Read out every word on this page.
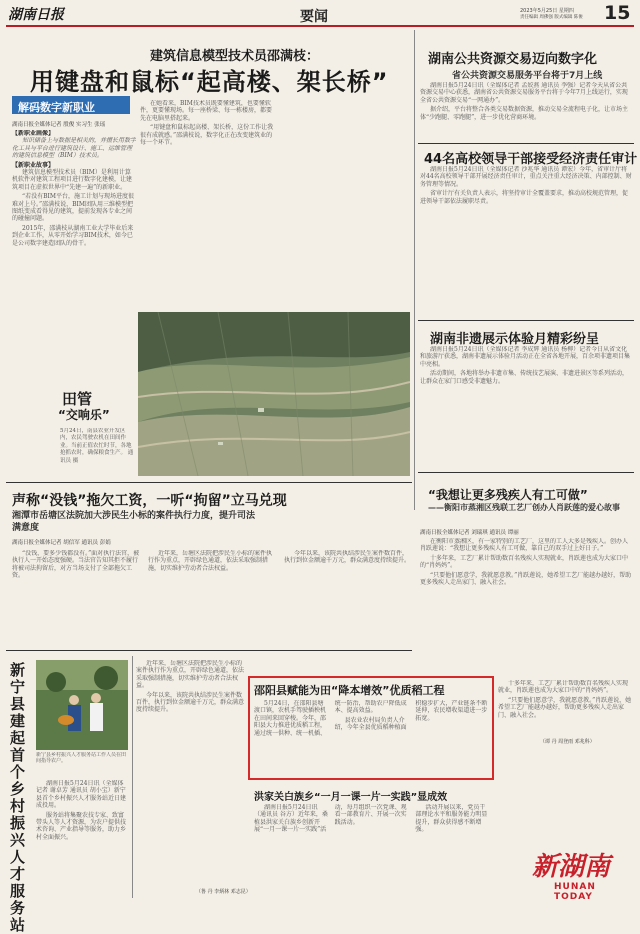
湖南日报	要闻	2023年5月25日 星期四
责任编辑 周佛强 版式编辑 陈俊 15
建筑信息模型技术员邵满枝：
用键盘和鼠标“起高楼、架长桥”
解码数字新职业
湖南日报全媒体记者 殷俊 实习生 张瑶
【新职业画像】

知识储备上与数据是相关的，并擅长用数字化工具与平台进行建筑设计、施工、运维管理的建筑信息模型（BIM）技术员。

【新职业故事】

建筑信息模型技术员（BIM）是利用计算机软件对建筑工程项目进行数字化建模，让建筑项目在虚拟世界中“先建一遍”的新职业。

“若没有BIM平台，施工计划与现场进度很难对上号。”邵满枝说，BIM团队用三维模型把图纸变成看得见的建筑，提前发现各专业之间的碰撞问题。

2015年，邵满枝从湖南工业大学毕业后来到企业工作，从零开始学习BIM技术，如今已是公司数字建造团队的骨干。

在她看来，BIM技术员既要懂建筑，也要懂软件，更要懂现场。每一座桥梁、每一栋楼房，都要先在电脑里搭起来。

“用键盘和鼠标起高楼、架长桥，这份工作让我很有成就感。”邵满枝说，数字化正在改变建筑业的每一个环节。

田管
“交响乐”
5月24日，南县农业开发区内，农民驾驶农机在田间作业。当前正值农忙时节，各地抢抓农时，确保粮食生产。 通讯员 摄
湖南公共资源交易迈向数字化
省公共资源交易服务平台将于7月上线

湖南日报5月24日讯（全媒体记者 孟姣燕 通讯员 李强）记者今天从省公共资源交易中心获悉，湖南省公共资源交易服务平台将于今年7月上线运行，实现全省公共资源交易“一网通办”。

据介绍，平台将整合各类交易数据资源，推动交易全流程电子化，让市场主体“少跑腿、零跑腿”，进一步优化营商环境。

44名高校领导干部接受经济责任审计

湖南日报5月24日讯（全媒体记者 沙兆华 通讯员 谭宏）今年，省审计厅将对44名高校领导干部开展经济责任审计，重点关注重大经济决策、内部控制、财务管理等情况。

省审计厅有关负责人表示，将坚持审计全覆盖要求，推动高校规范管理，促进领导干部依法履职尽责。

湖南非遗展示体验月精彩纷呈

湖南日报5月24日讯（全媒体记者 李成辉 通讯员 杨柳）记者今日从省文化和旅游厅获悉，湖南非遗展示体验月活动正在全省各地开展，百余项非遗项目集中亮相。

活动期间，各地将举办非遗市集、传统技艺展演、非遗进景区等系列活动，让群众在家门口感受非遗魅力。

“我想让更多残疾人有工可做”
——衡阳市蒸湘区残联工艺厂创办人肖跃莲的爱心故事
湖南日报全媒体记者 刘瑞琪 通讯员 谭丽

在衡阳市蒸湘区，有一家特别的工艺厂，这里的工人大多是残疾人。创办人肖跃莲说：“我想让更多残疾人有工可做，靠自己的双手过上好日子。”

十多年来，工艺厂累计帮助数百名残疾人实现就业，肖跃莲也成为大家口中的“肖妈妈”。

“只要他们愿意学，我就愿意教。”肖跃莲说，她希望工艺厂能越办越好，帮助更多残疾人走出家门、融入社会。

声称“没钱”拖欠工资，一听“拘留”立马兑现
湘潭市岳塘区法院加大涉民生小标的案件执行力度，提升司法满意度
湖南日报全媒体记者 胡信军 通讯员 彭娟

“没钱，要多少钱都没有。”面对执行法官，被执行人一开始态度强硬。当法官告知其拒不履行将被司法拘留后，对方当场支付了全部拖欠工资。

近年来，岳塘区法院把涉民生小标的案件执行作为重点，开辟绿色通道，依法采取强制措施，切实维护劳动者合法权益。

今年以来，该院共执结涉民生案件数百件，执行到位金额逾千万元，群众满意度持续提升。

新宁县建起首个乡村振兴人才服务站
新宁县乡村振兴人才服务站工作人员在田间指导农户。

湖南日报5月24日讯（全媒体记者 谢卓芳 通讯员 胡小宝）新宁县首个乡村振兴人才服务站近日建成投用。

服务站将集聚农技专家、致富带头人等人才资源，为农户提供技术咨询、产业指导等服务，助力乡村全面振兴。

近年来，岳塘区法院把涉民生小标的案件执行作为重点，开辟绿色通道，依法采取强制措施，切实维护劳动者合法权益。

今年以来，该院共执结涉民生案件数百件，执行到位金额逾千万元，群众满意度持续提升。

邵阳县赋能为田“降本增效”优质稻工程

5月24日，在邵阳县塘渡口镇，农机手驾驶插秧机在田间来回穿梭。今年，邵阳县大力推进优质稻工程，通过统一供种、统一机插、统一防治，帮助农户降低成本、提高效益。

县农业农村局负责人介绍，今年全县优质稻种植面积稳步扩大，产业链条不断延伸，农民增收渠道进一步拓宽。

洪家关白族乡“一月一课一片一实践”显成效

湖南日报5月24日讯（通讯员 谷方）近年来，桑植县洪家关白族乡创新开展“一月一课一片一实践”活动，每月组织一次党课、观看一部教育片、开展一次实践活动。

活动开展以来，党员干部理论水平和服务能力明显提升，群众获得感不断增强。

（鲁 丹 李炳林 邓志昆）
（谭 丹 周登雨 邓兆科）

十多年来，工艺厂累计帮助数百名残疾人实现就业，肖跃莲也成为大家口中的“肖妈妈”。

“只要他们愿意学，我就愿意教。”肖跃莲说，她希望工艺厂能越办越好，帮助更多残疾人走出家门、融入社会。

新湖南
HUNAN TODAY
